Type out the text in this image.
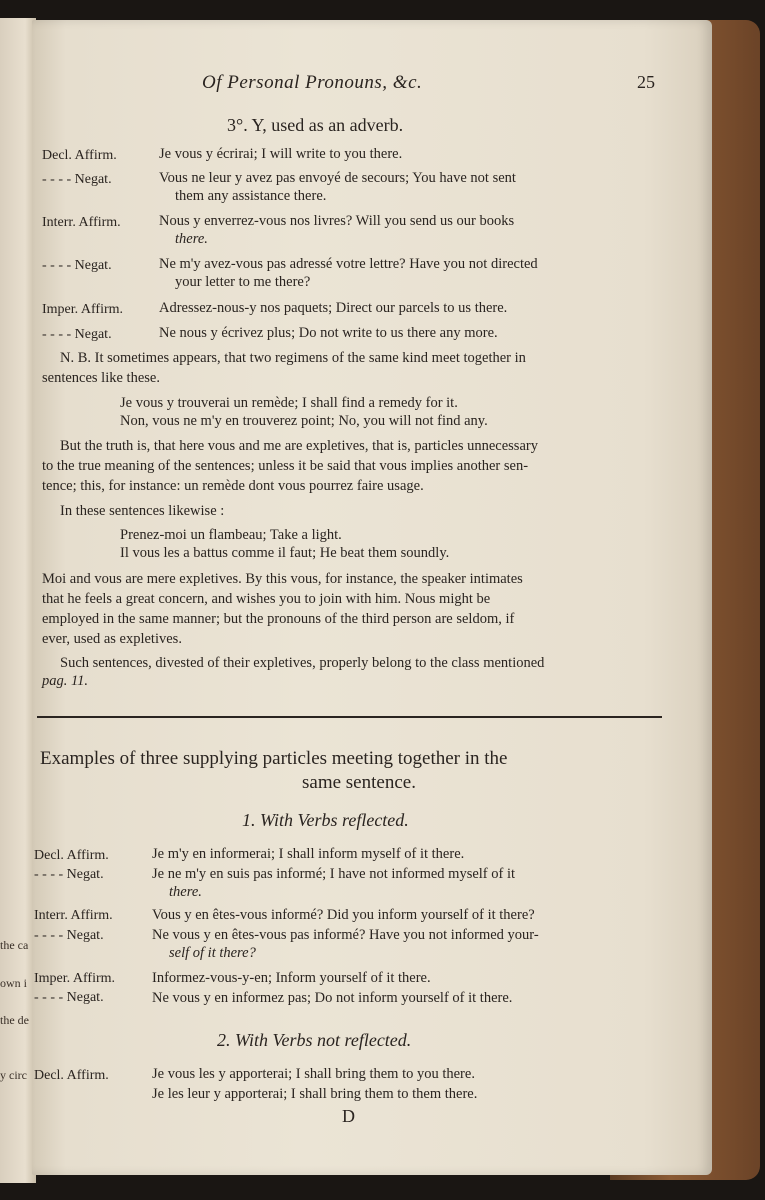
the ca
own i
the de
y circ
Of Personal Pronouns, &c.	25
3°. Y, used as an adverb.
Decl. Affirm.	Je vous y écrirai; I will write to you there.
- - - - Negat.	Vous ne leur y avez pas envoyé de secours; You have not sent
them any assistance there.
Interr. Affirm.	Nous y enverrez-vous nos livres? Will you send us our books
there.
- - - - Negat.	Ne m'y avez-vous pas adressé votre lettre? Have you not directed
your letter to me there?
Imper. Affirm. Adressez-nous-y nos paquets; Direct our parcels to us there.
- - - - Negat.	Ne nous y écrivez plus; Do not write to us there any more.
N. B. It sometimes appears, that two regimens of the same kind meet together in
sentences like these.
Je vous y trouverai un remède; I shall find a remedy for it.
Non, vous ne m'y en trouverez point; No, you will not find any.
But the truth is, that here vous and me are expletives, that is, particles unnecessary
to the true meaning of the sentences; unless it be said that vous implies another sen-
tence; this, for instance: un remède dont vous pourrez faire usage.
In these sentences likewise :
Prenez-moi un flambeau; Take a light.
Il vous les a battus comme il faut; He beat them soundly.
Moi and vous are mere expletives. By this vous, for instance, the speaker intimates
that he feels a great concern, and wishes you to join with him. Nous might be
employed in the same manner; but the pronouns of the third person are seldom, if
ever, used as expletives.
Such sentences, divested of their expletives, properly belong to the class mentioned
pag. 11.
Examples of three supplying particles meeting together in the
same sentence.
1. With Verbs reflected.
Decl. Affirm.	Je m'y en informerai; I shall inform myself of it there.
- - - - Negat.	Je ne m'y en suis pas informé; I have not informed myself of it
there.
Interr. Affirm.	Vous y en êtes-vous informé? Did you inform yourself of it there?
- - - - Negat.	Ne vous y en êtes-vous pas informé? Have you not informed your-
self of it there?
Imper. Affirm.	Informez-vous-y-en; Inform yourself of it there.
- - - - Negat.	Ne vous y en informez pas; Do not inform yourself of it there.
2. With Verbs not reflected.
Decl. Affirm.	Je vous les y apporterai; I shall bring them to you there.
Je les leur y apporterai; I shall bring them to them there.
D
